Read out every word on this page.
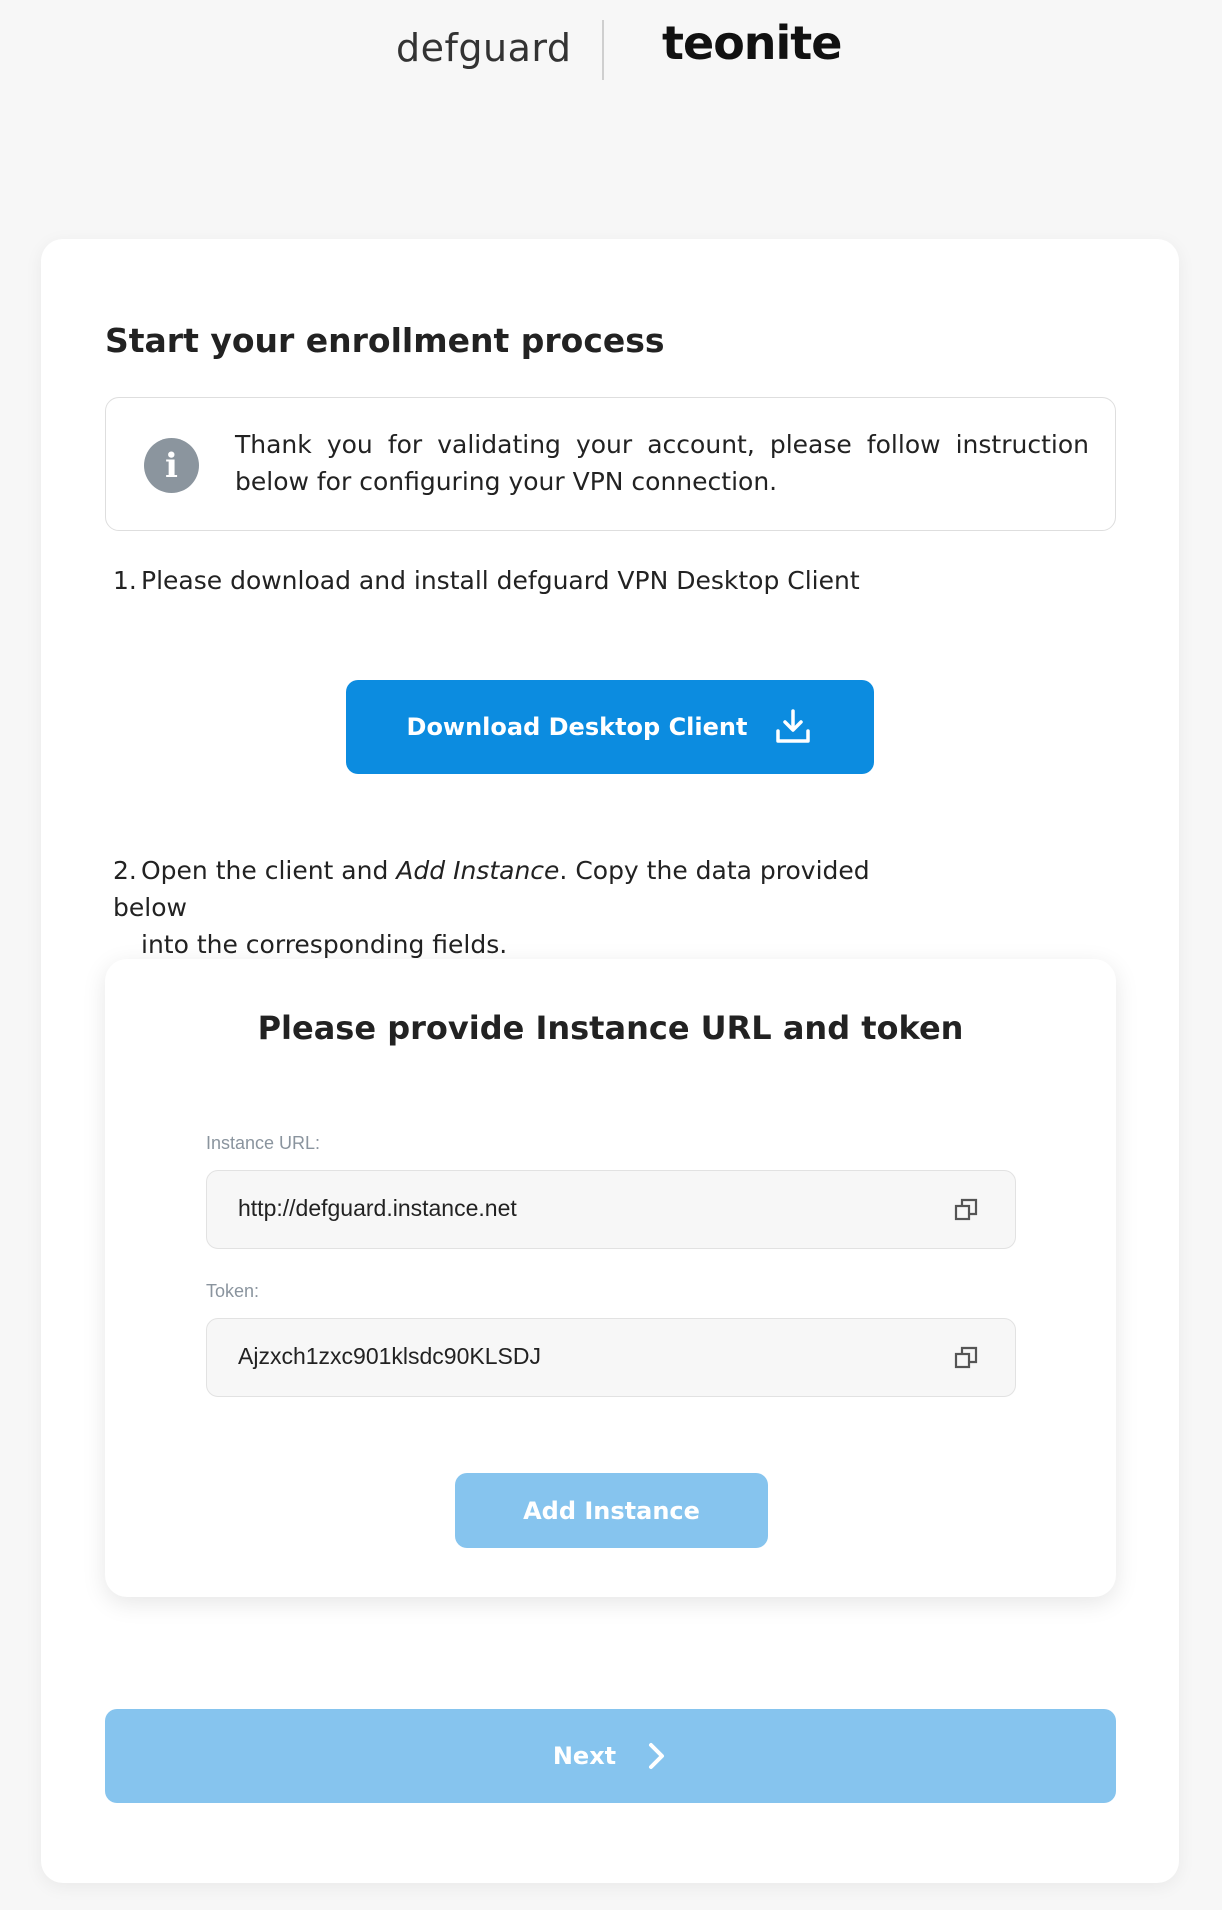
defguard teonite
Start your enrollment process
i

Thank you for validating your account, please follow instruction below for configuring your VPN connection.

1. Please download and install defguard VPN Desktop Client
Download Desktop Client
2. Open the client and Add Instance. Copy the data provided below
into the corresponding fields.
Please provide Instance URL and token
Instance URL:
http://defguard.instance.net
Token:
Ajzxch1zxc901klsdc90KLSDJ
Add Instance
Next
